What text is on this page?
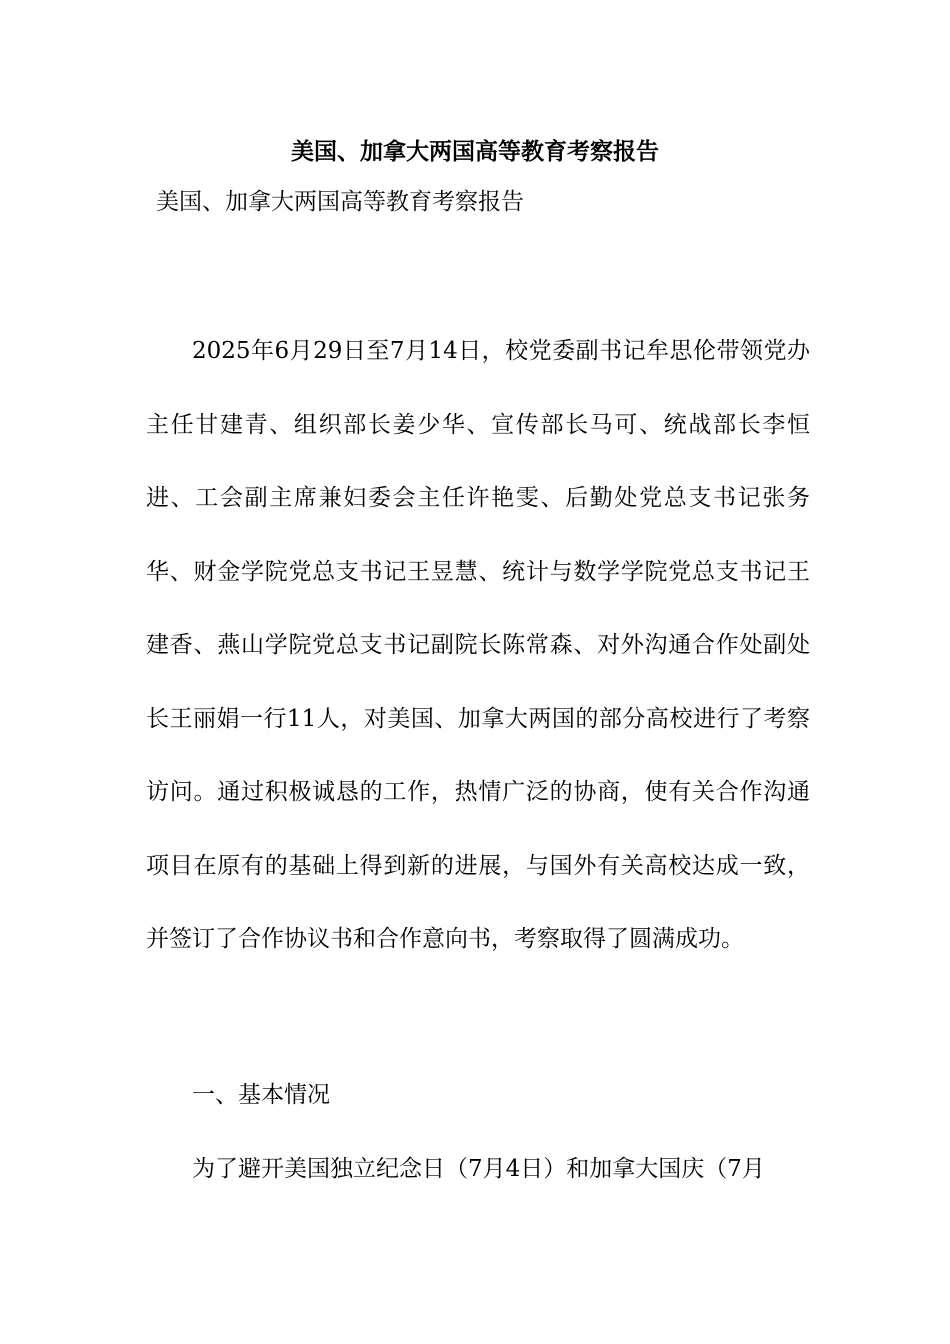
美国、加拿大两国高等教育考察报告

美国、加拿大两国高等教育考察报告

2025年6月29日至7月14日，校党委副书记牟思伦带领党办主任甘建青、组织部长姜少华、宣传部长马可、统战部长李恒进、工会副主席兼妇委会主任许艳雯、后勤处党总支书记张务华、财金学院党总支书记王昱慧、统计与数学学院党总支书记王建香、燕山学院党总支书记副院长陈常森、对外沟通合作处副处长王丽娟一行11人，对美国、加拿大两国的部分高校进行了考察访问。通过积极诚恳的工作，热情广泛的协商，使有关合作沟通项目在原有的基础上得到新的进展，与国外有关高校达成一致，并签订了合作协议书和合作意向书，考察取得了圆满成功。

一、基本情况

为了避开美国独立纪念日（7月4日）和加拿大国庆（7月
